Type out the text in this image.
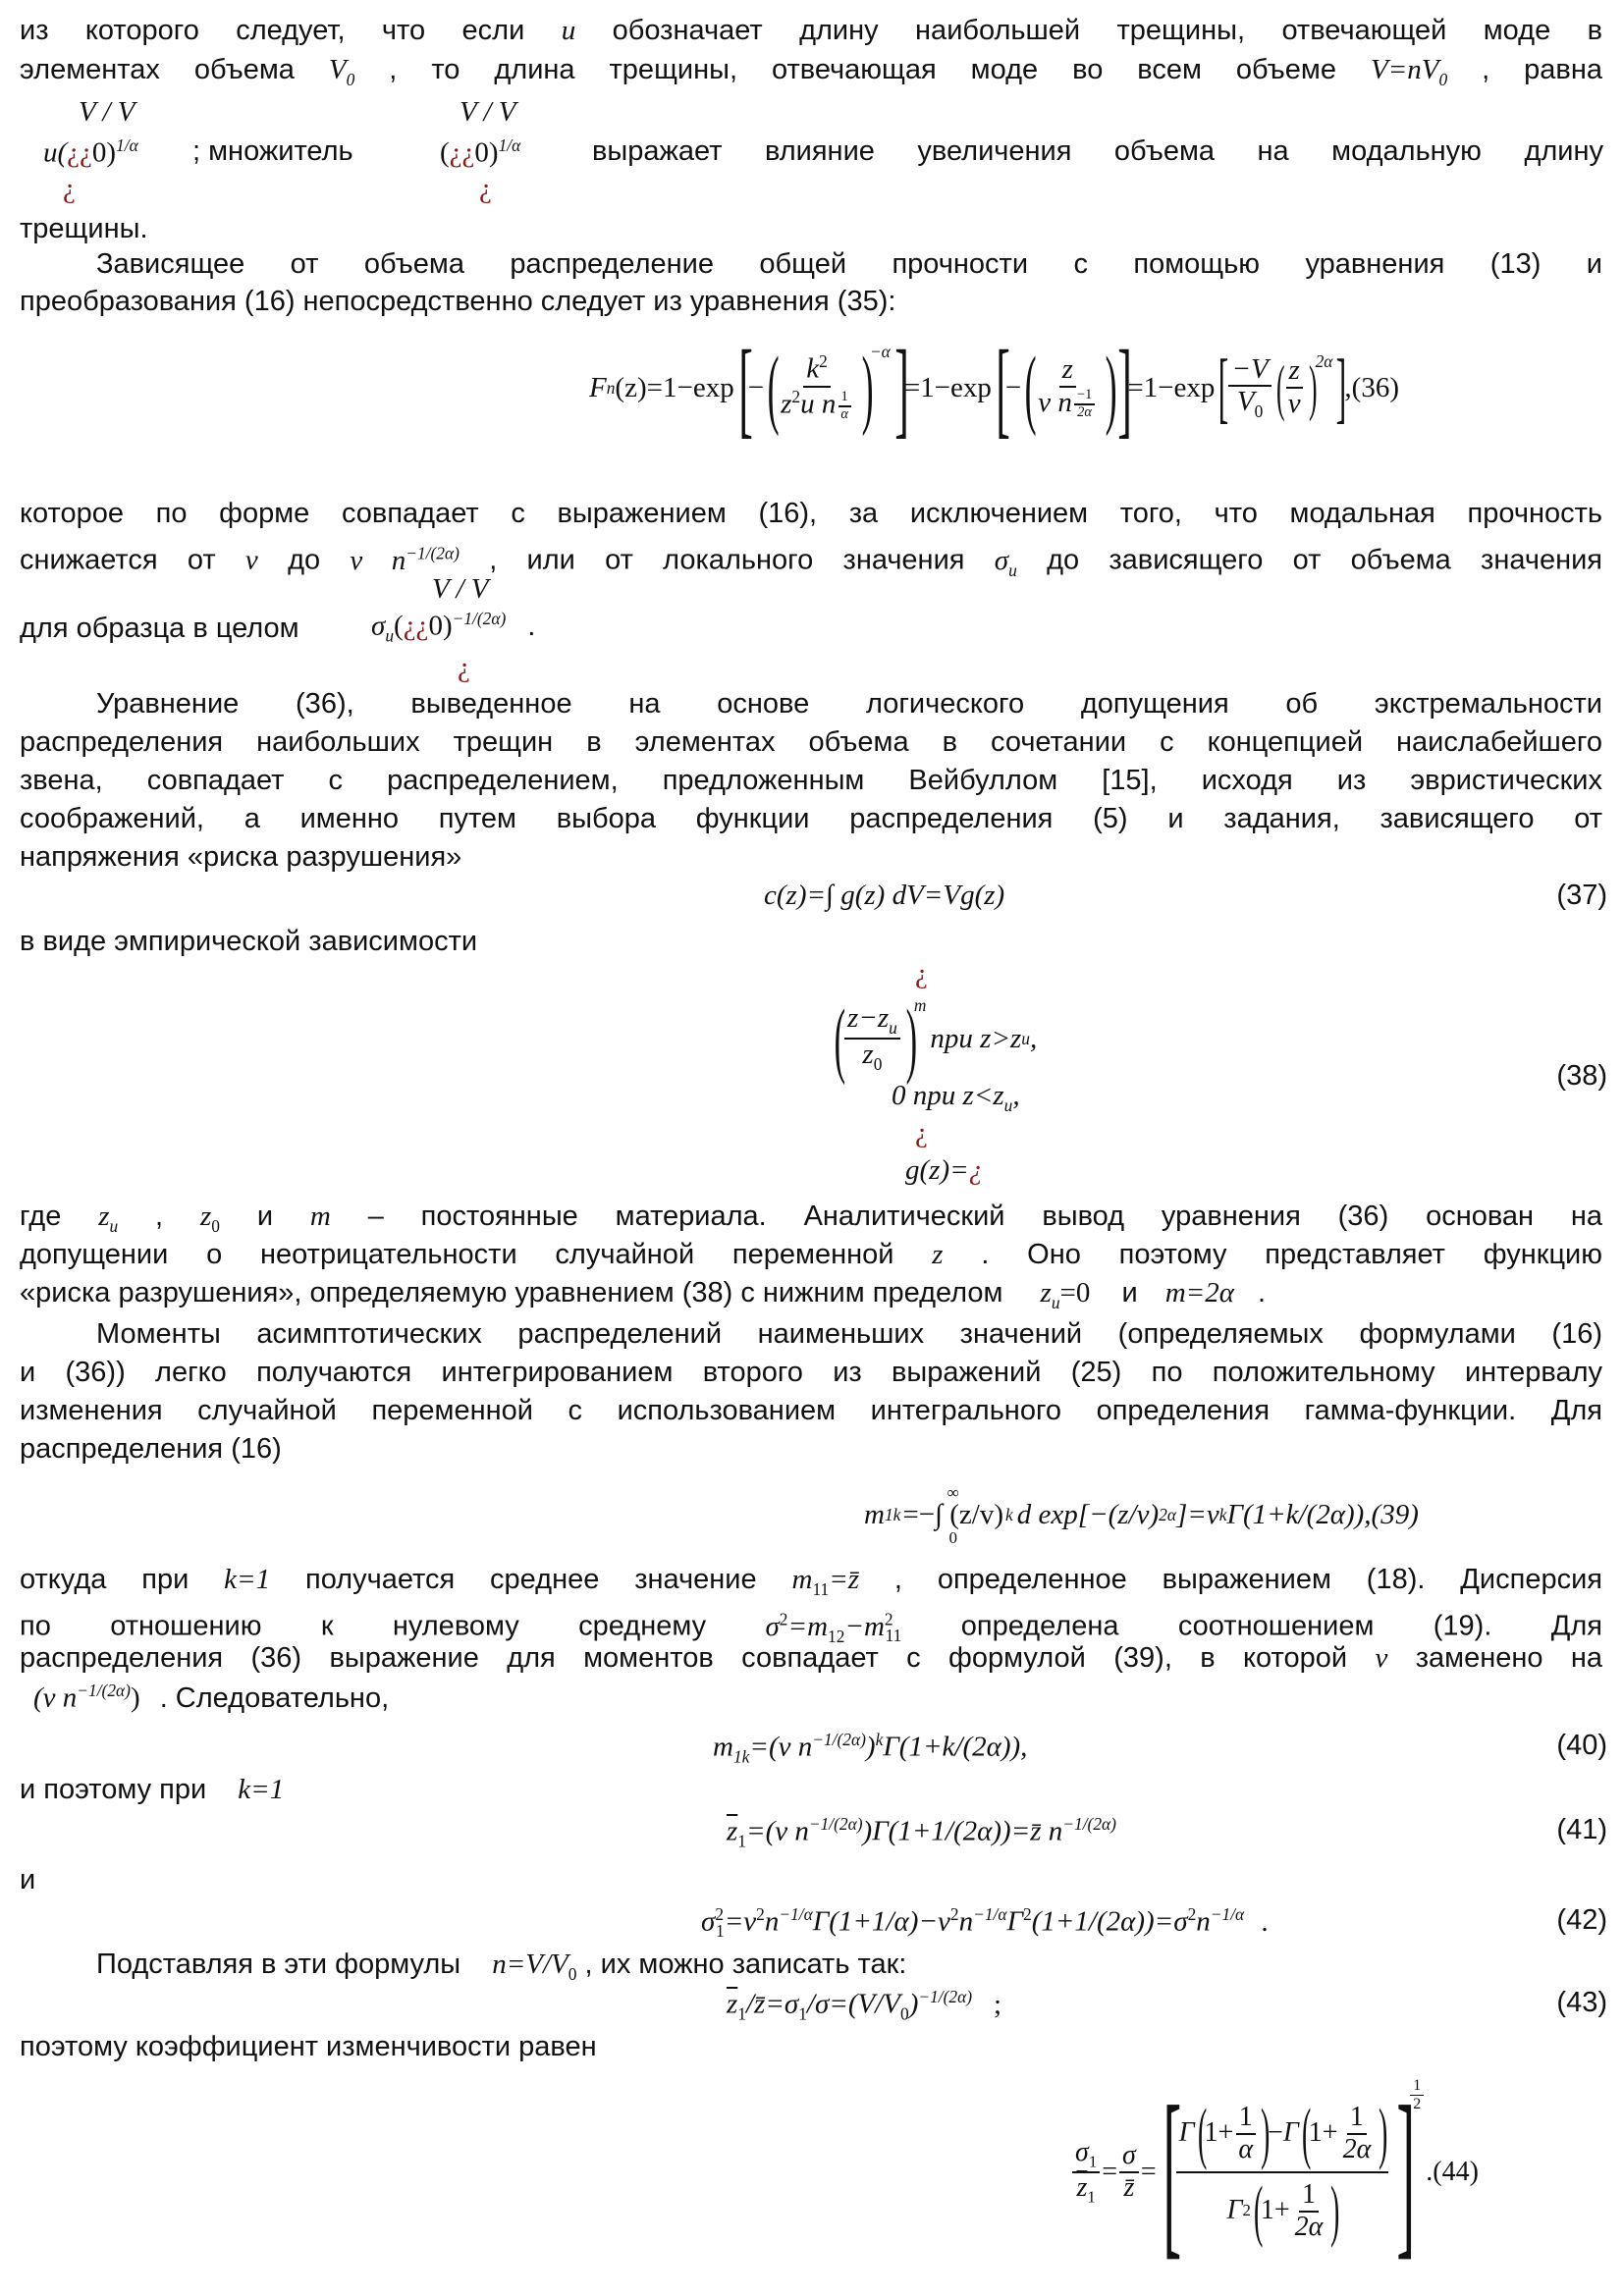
из которого следует, что если u обозначает длину наибольшей трещины, отвечающей моде в
элементах объема $V_0$ , то длина трещины, отвечающая моде во всем объеме $V=nV_0$ , равна
V / V	V / V
u(¿¿0)$^{1/\alpha}$ ; множитель	(¿¿0)$^{1/\alpha}$	выражает влияние увеличения объема на модальную длину
¿	¿
трещины.
Зависящее от объема распределение общей прочности с помощью уравнения (13) и
преобразования (16) непосредственно следует из уравнения (35):
F n (z) =1−exp [
− (
$\frac{k^2}{z^2u n \frac{1}{\alpha}}$ )
$^{-\alpha}$ ]
=1−exp [
− (
$\frac{z}{v n \frac{-1}{2\alpha}}$ ) ]
=1−exp [ $\frac{-V}{V_0}$ ( $\frac{z}{v}$ )
$^{2\alpha}$ ]
,(36)
которое по форме совпадает с выражением (16), за исключением того, что модальная прочность
снижается от v до v $n^{-1/(2\alpha)}$ , или от локального значения $\sigma_u$ до зависящего от объема значения
V / V
для образца в целом	$\sigma_u(¿¿0)^{-1/(2\alpha)}$ .
¿
Уравнение (36), выведенное на основе логического допущения об экстремальности
распределения наибольших трещин в элементах объема в сочетании с концепцией наислабейшего
звена, совпадает с распределением, предложенным Вейбуллом [15], исходя из эвристических
соображений, а именно путем выбора функции распределения (5) и задания, зависящего от
напряжения «риска разрушения»
c(z)=∫ g(z) dV=Vg(z)	(37)
в виде эмпирической зависимости
¿
(
$\frac{z-z_u}{z_0}$ )
$^m$
при z>z u ,
0 при $z<z_u$,
(38)
¿
g(z)=¿
где $z_u$ , $z_0$ и m – постоянные материала. Аналитический вывод уравнения (36) основан на
допущении о неотрицательности случайной переменной z . Оно поэтому представляет функцию
«риска разрушения», определяемую уравнением (38) с нижним пределом $z_u=0$ и m=2α .
Моменты асимптотических распределений наименьших значений (определяемых формулами (16)
и (36)) легко получаются интегрированием второго из выражений (25) по положительному интервалу
изменения случайной переменной с использованием интегрального определения гамма-функции. Для
распределения (16)
m 1k
∞
=−∫ (z/v)
0
k d exp[−(z/v) 2α ]=v k Γ(1+k/(2α)),(39)
откуда при k=1 получается среднее значение $m_{11}=z̄$ , определенное выражением (18). Дисперсия
по отношению к нулевому среднему $\sigma^2=m_{12}-m^2_{11}$ определена соотношением (19). Для
распределения (36) выражение для моментов совпадает с формулой (39), в которой v заменено на
(v $n^{-1/(2\alpha)}$) . Следовательно,
$m_{1k}=(v$ $n^{-1/(2\alpha)})^k\Gamma(1+k/(2\alpha))$,	(40)
и поэтому при k=1
$\overline{z}_1=(v$ $n^{-1/(2\alpha)})\Gamma(1+1/(2\alpha))=z̄$ $n^{-1/(2\alpha)}$	(41)
и
$\sigma^2_1=v^2n^{-1/\alpha}\Gamma(1+1/\alpha)-v^2n^{-1/\alpha}\Gamma^2(1+1/(2\alpha))=\sigma^2n^{-1/\alpha}$ .	(42)
Подставляя в эти формулы $n=V/V_0$ , их можно записать так:
$\overline{z}_1/z̄=\sigma_1/\sigma=(V/V_0)^{-1/(2\alpha)}$ ;	(43)
поэтому коэффициент изменчивости равен
$\frac{\sigma_1}{\overline{z}_1} = \frac{\sigma}{z̄}$ = [
Γ (
$1+ \frac{1}{\alpha}$ )
− Γ (
$1+ \frac{1}{2\alpha}$ )
Γ 2 (
$1+ \frac{1}{2\alpha}$ ) ]
$\frac{1}{2}$
.(44)
